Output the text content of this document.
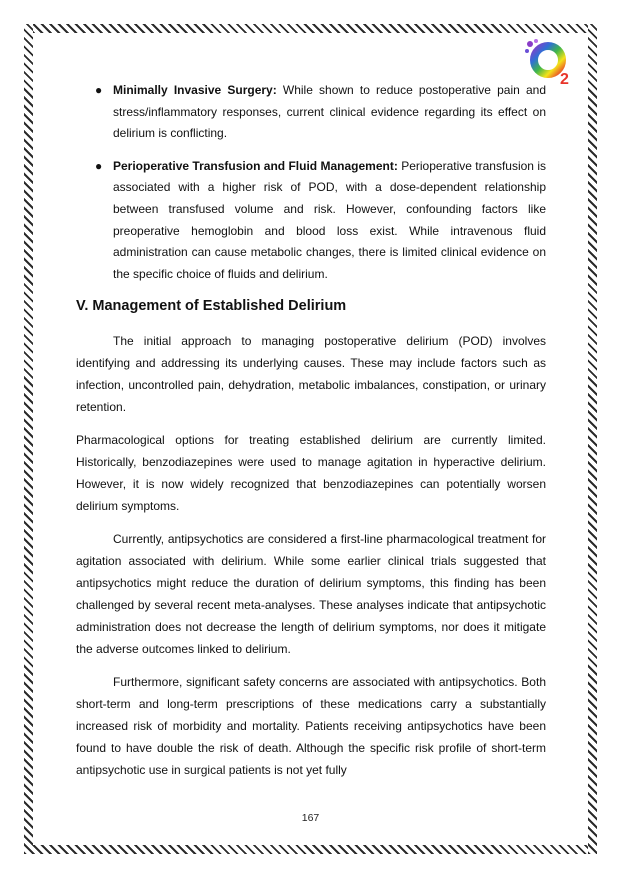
2
● Minimally Invasive Surgery: While shown to reduce postoperative pain and stress/inflammatory responses, current clinical evidence regarding its effect on delirium is conflicting.
● Perioperative Transfusion and Fluid Management: Perioperative transfusion is associated with a higher risk of POD, with a dose-dependent relationship between transfused volume and risk. However, confounding factors like preoperative hemoglobin and blood loss exist. While intravenous fluid administration can cause metabolic changes, there is limited clinical evidence on the specific choice of fluids and delirium.
V. Management of Established Delirium

The initial approach to managing postoperative delirium (POD) involves identifying and addressing its underlying causes. These may include factors such as infection, uncontrolled pain, dehydration, metabolic imbalances, constipation, or urinary retention.

Pharmacological options for treating established delirium are currently limited. Historically, benzodiazepines were used to manage agitation in hyperactive delirium. However, it is now widely recognized that benzodiazepines can potentially worsen delirium symptoms.

Currently, antipsychotics are considered a first-line pharmacological treatment for agitation associated with delirium. While some earlier clinical trials suggested that antipsychotics might reduce the duration of delirium symptoms, this finding has been challenged by several recent meta-analyses. These analyses indicate that antipsychotic administration does not decrease the length of delirium symptoms, nor does it mitigate the adverse outcomes linked to delirium.

Furthermore, significant safety concerns are associated with antipsychotics. Both short-term and long-term prescriptions of these medications carry a substantially increased risk of morbidity and mortality. Patients receiving antipsychotics have been found to have double the risk of death. Although the specific risk profile of short-term antipsychotic use in surgical patients is not yet fully

167
